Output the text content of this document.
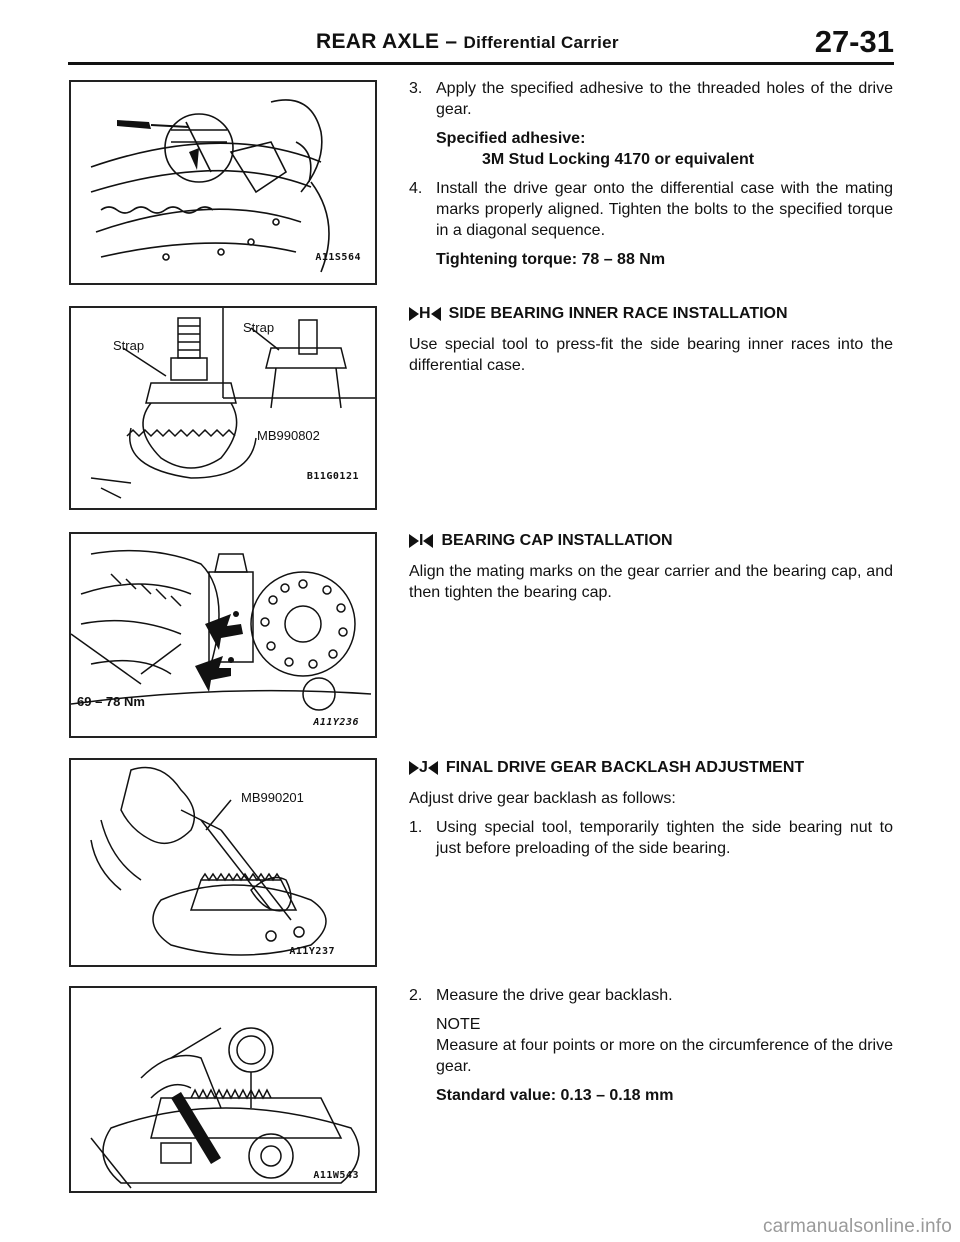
REAR AXLE – Differential Carrier	27-31
A11S564
Strap
Strap
MB990802
B11G0121
69 – 78 Nm
A11Y236
MB990201
A11Y237
A11W543
3. Apply the specified adhesive to the threaded holes of the drive gear.
Specified adhesive:
3M Stud Locking 4170 or equivalent
4. Install the drive gear onto the differential case with the mating marks properly aligned. Tighten the bolts to the specified torque in a diagonal sequence.
Tightening torque: 78 – 88 Nm
H SIDE BEARING INNER RACE INSTALLATION
Use special tool to press-fit the side bearing inner races into the differential case.
I BEARING CAP INSTALLATION
Align the mating marks on the gear carrier and the bearing cap, and then tighten the bearing cap.
J FINAL DRIVE GEAR BACKLASH ADJUSTMENT
Adjust drive gear backlash as follows:
1. Using special tool, temporarily tighten the side bearing nut to just before preloading of the side bearing.
2. Measure the drive gear backlash.
NOTE
Measure at four points or more on the circumference of the drive gear.
Standard value: 0.13 – 0.18 mm
carmanualsonline.info
